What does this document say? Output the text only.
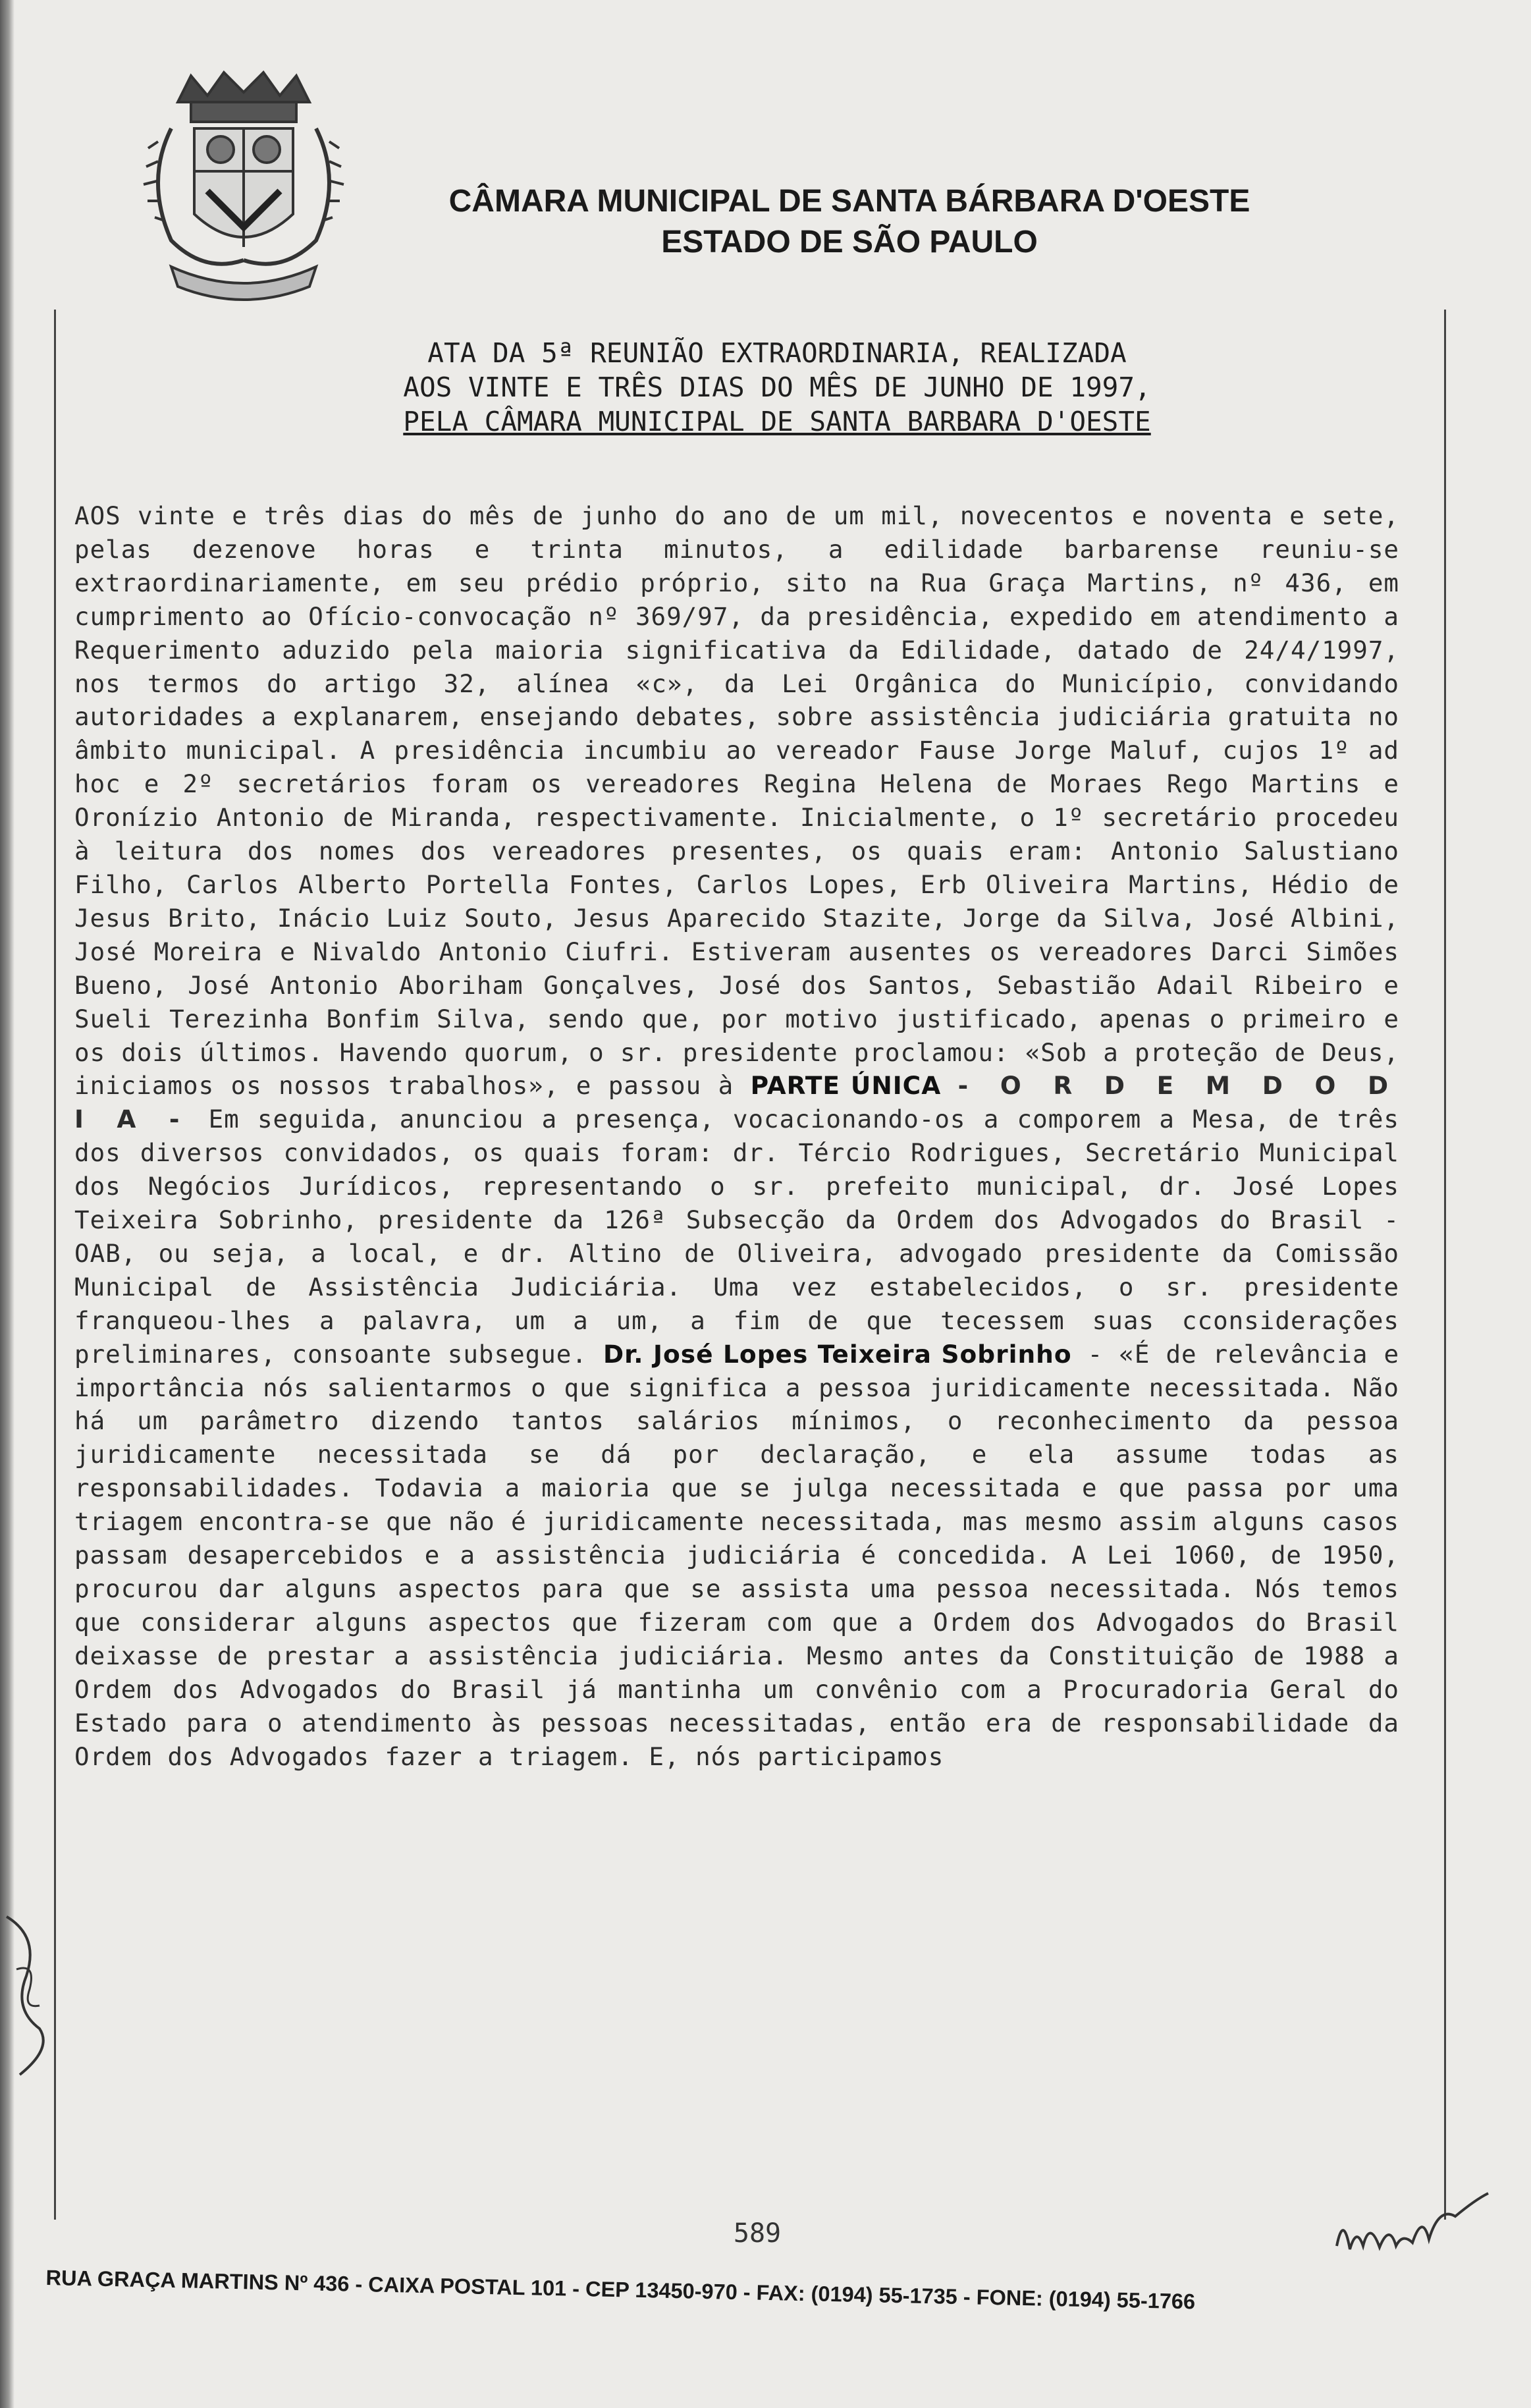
CÂMARA MUNICIPAL DE SANTA BÁRBARA D'OESTE
ESTADO DE SÃO PAULO
ATA DA 5ª REUNIÃO EXTRAORDINARIA, REALIZADA
AOS VINTE E TRÊS DIAS DO MÊS DE JUNHO DE 1997,
PELA CÂMARA MUNICIPAL DE SANTA BARBARA D'OESTE
AOS vinte e três dias do mês de junho do ano de um mil, novecentos e noventa e sete, pelas dezenove horas e trinta minutos, a edilidade barbarense reuniu-se extraordinariamente, em seu prédio próprio, sito na Rua Graça Martins, nº 436, em cumprimento ao Ofício-convocação nº 369/97, da presidência, expedido em atendimento a Requerimento aduzido pela maioria significativa da Edilidade, datado de 24/4/1997, nos termos do artigo 32, alínea «c», da Lei Orgânica do Município, convidando autoridades a explanarem, ensejando debates, sobre assistência judiciária gratuita no âmbito municipal. A presidência incumbiu ao vereador Fause Jorge Maluf, cujos 1º ad hoc e 2º secretários foram os vereadores Regina Helena de Moraes Rego Martins e Oronízio Antonio de Miranda, respectivamente. Inicialmente, o 1º secretário procedeu à leitura dos nomes dos vereadores presentes, os quais eram: Antonio Salustiano Filho, Carlos Alberto Portella Fontes, Carlos Lopes, Erb Oliveira Martins, Hédio de Jesus Brito, Inácio Luiz Souto, Jesus Aparecido Stazite, Jorge da Silva, José Albini, José Moreira e Nivaldo Antonio Ciufri. Estiveram ausentes os vereadores Darci Simões Bueno, José Antonio Aboriham Gonçalves, José dos Santos, Sebastião Adail Ribeiro e Sueli Terezinha Bonfim Silva, sendo que, por motivo justificado, apenas o primeiro e os dois últimos. Havendo quorum, o sr. presidente proclamou: «Sob a proteção de Deus, iniciamos os nossos trabalhos», e passou à PARTE ÚNICA - O R D E M D O D I A - Em seguida, anunciou a presença, vocacionando-os a comporem a Mesa, de três dos diversos convidados, os quais foram: dr. Tércio Rodrigues, Secretário Municipal dos Negócios Jurídicos, representando o sr. prefeito municipal, dr. José Lopes Teixeira Sobrinho, presidente da 126ª Subsecção da Ordem dos Advogados do Brasil - OAB, ou seja, a local, e dr. Altino de Oliveira, advogado presidente da Comissão Municipal de Assistência Judiciária. Uma vez estabelecidos, o sr. presidente franqueou-lhes a palavra, um a um, a fim de que tecessem suas cconsiderações preliminares, consoante subsegue. Dr. José Lopes Teixeira Sobrinho - «É de relevância e importância nós salientarmos o que significa a pessoa juridicamente necessitada. Não há um parâmetro dizendo tantos salários mínimos, o reconhecimento da pessoa juridicamente necessitada se dá por declaração, e ela assume todas as responsabilidades. Todavia a maioria que se julga necessitada e que passa por uma triagem encontra-se que não é juridicamente necessitada, mas mesmo assim alguns casos passam desapercebidos e a assistência judiciária é concedida. A Lei 1060, de 1950, procurou dar alguns aspectos para que se assista uma pessoa necessitada. Nós temos que considerar alguns aspectos que fizeram com que a Ordem dos Advogados do Brasil deixasse de prestar a assistência judiciária. Mesmo antes da Constituição de 1988 a Ordem dos Advogados do Brasil já mantinha um convênio com a Procuradoria Geral do Estado para o atendimento às pessoas necessitadas, então era de responsabilidade da Ordem dos Advogados fazer a triagem. E, nós participamos
589
RUA GRAÇA MARTINS Nº 436 - CAIXA POSTAL 101 - CEP 13450-970 - FAX: (0194) 55-1735 - FONE: (0194) 55-1766
